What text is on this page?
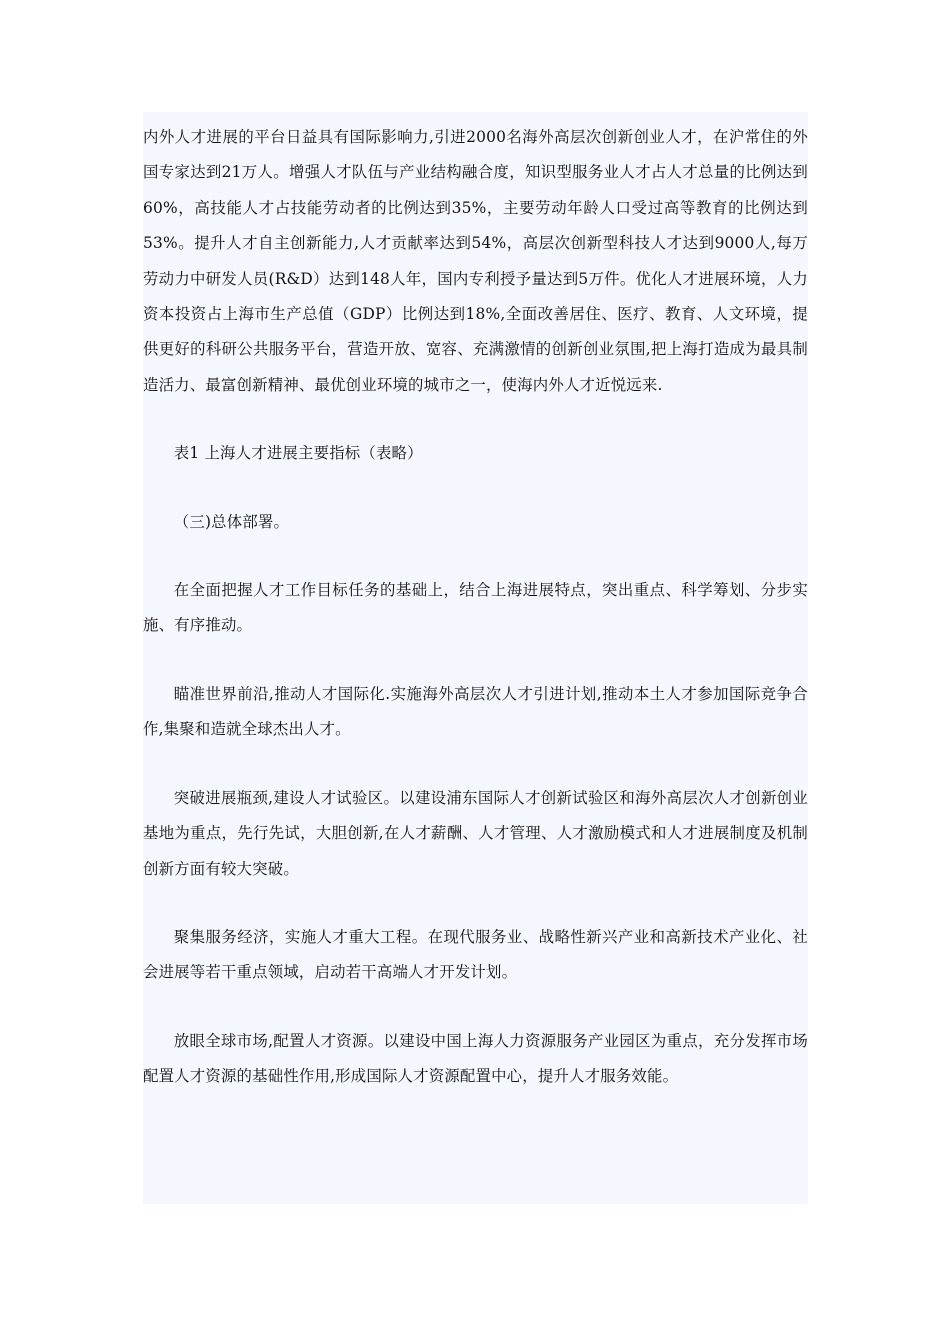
内外人才进展的平台日益具有国际影响力,引进2000名海外高层次创新创业人才，在沪常住的外国专家达到21万人。增强人才队伍与产业结构融合度，知识型服务业人才占人才总量的比例达到60%，高技能人才占技能劳动者的比例达到35%，主要劳动年龄人口受过高等教育的比例达到53%。提升人才自主创新能力,人才贡献率达到54%，高层次创新型科技人才达到9000人,每万劳动力中研发人员(R&D）达到148人年，国内专利授予量达到5万件。优化人才进展环境，人力资本投资占上海市生产总值（GDP）比例达到18%,全面改善居住、医疗、教育、人文环境，提供更好的科研公共服务平台，营造开放、宽容、充满激情的创新创业氛围,把上海打造成为最具制造活力、最富创新精神、最优创业环境的城市之一，使海内外人才近悦远来.

表1 上海人才进展主要指标（表略）

（三)总体部署。

在全面把握人才工作目标任务的基础上，结合上海进展特点，突出重点、科学筹划、分步实施、有序推动。

瞄准世界前沿,推动人才国际化.实施海外高层次人才引进计划,推动本土人才参加国际竞争合作,集聚和造就全球杰出人才。

突破进展瓶颈,建设人才试验区。以建设浦东国际人才创新试验区和海外高层次人才创新创业基地为重点，先行先试，大胆创新,在人才薪酬、人才管理、人才激励模式和人才进展制度及机制创新方面有较大突破。

聚集服务经济，实施人才重大工程。在现代服务业、战略性新兴产业和高新技术产业化、社会进展等若干重点领域，启动若干高端人才开发计划。

放眼全球市场,配置人才资源。以建设中国上海人力资源服务产业园区为重点，充分发挥市场配置人才资源的基础性作用,形成国际人才资源配置中心，提升人才服务效能。
